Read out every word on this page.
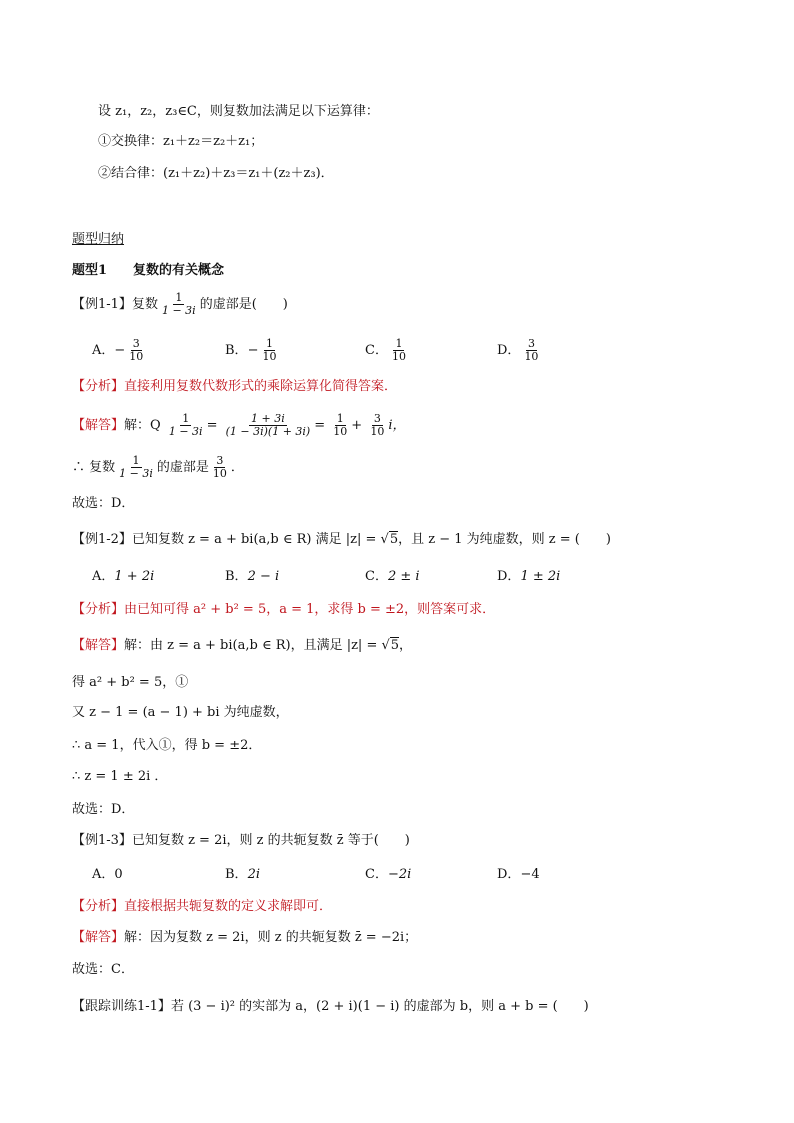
设 z₁，z₂，z₃∈C，则复数加法满足以下运算律：
①交换律：z₁＋z₂＝z₂＋z₁；
②结合律：(z₁＋z₂)＋z₃＝z₁＋(z₂＋z₃)．
题型归纳
题型1　　复数的有关概念
【例1-1】复数 $\frac{1}{1 - 3i}$ 的虚部是(　　)
A．− $\frac{3}{10}$	B．− $\frac{1}{10}$	C． $\frac{1}{10}$	D． $\frac{3}{10}$
【分析】直接利用复数代数形式的乘除运算化简得答案．
【解答】解：Q $\frac{1}{1 - 3i} = \frac{1 + 3i}{(1 - 3i)(1 + 3i)} = \frac{1}{10} + \frac{3}{10}$ i，
∴ 复数 $\frac{1}{1 - 3i}$ 的虚部是 $\frac{3}{10}$ ．
故选：D．
【例1-2】已知复数 z = a + bi(a,b ∈ R) 满足 |z| = √5，且 z − 1 为纯虚数，则 z = (　　)
A．1 + 2i	B．2 − i	C．2 ± i	D．1 ± 2i
【分析】由已知可得 a² + b² = 5，a = 1，求得 b = ±2，则答案可求．
【解答】解：由 z = a + bi(a,b ∈ R)，且满足 |z| = √5，
得 a² + b² = 5，①
又 z − 1 = (a − 1) + bi 为纯虚数，
∴ a = 1，代入①，得 b = ±2．
∴ z = 1 ± 2i ．
故选：D．
【例1-3】已知复数 z = 2i，则 z 的共轭复数 z̄ 等于(　　)
A．0	B．2i	C．−2i	D．−4
【分析】直接根据共轭复数的定义求解即可．
【解答】解：因为复数 z = 2i，则 z 的共轭复数 z̄ = −2i；
故选：C．
【跟踪训练1-1】若 (3 − i)² 的实部为 a，(2 + i)(1 − i) 的虚部为 b，则 a + b = (　　)
